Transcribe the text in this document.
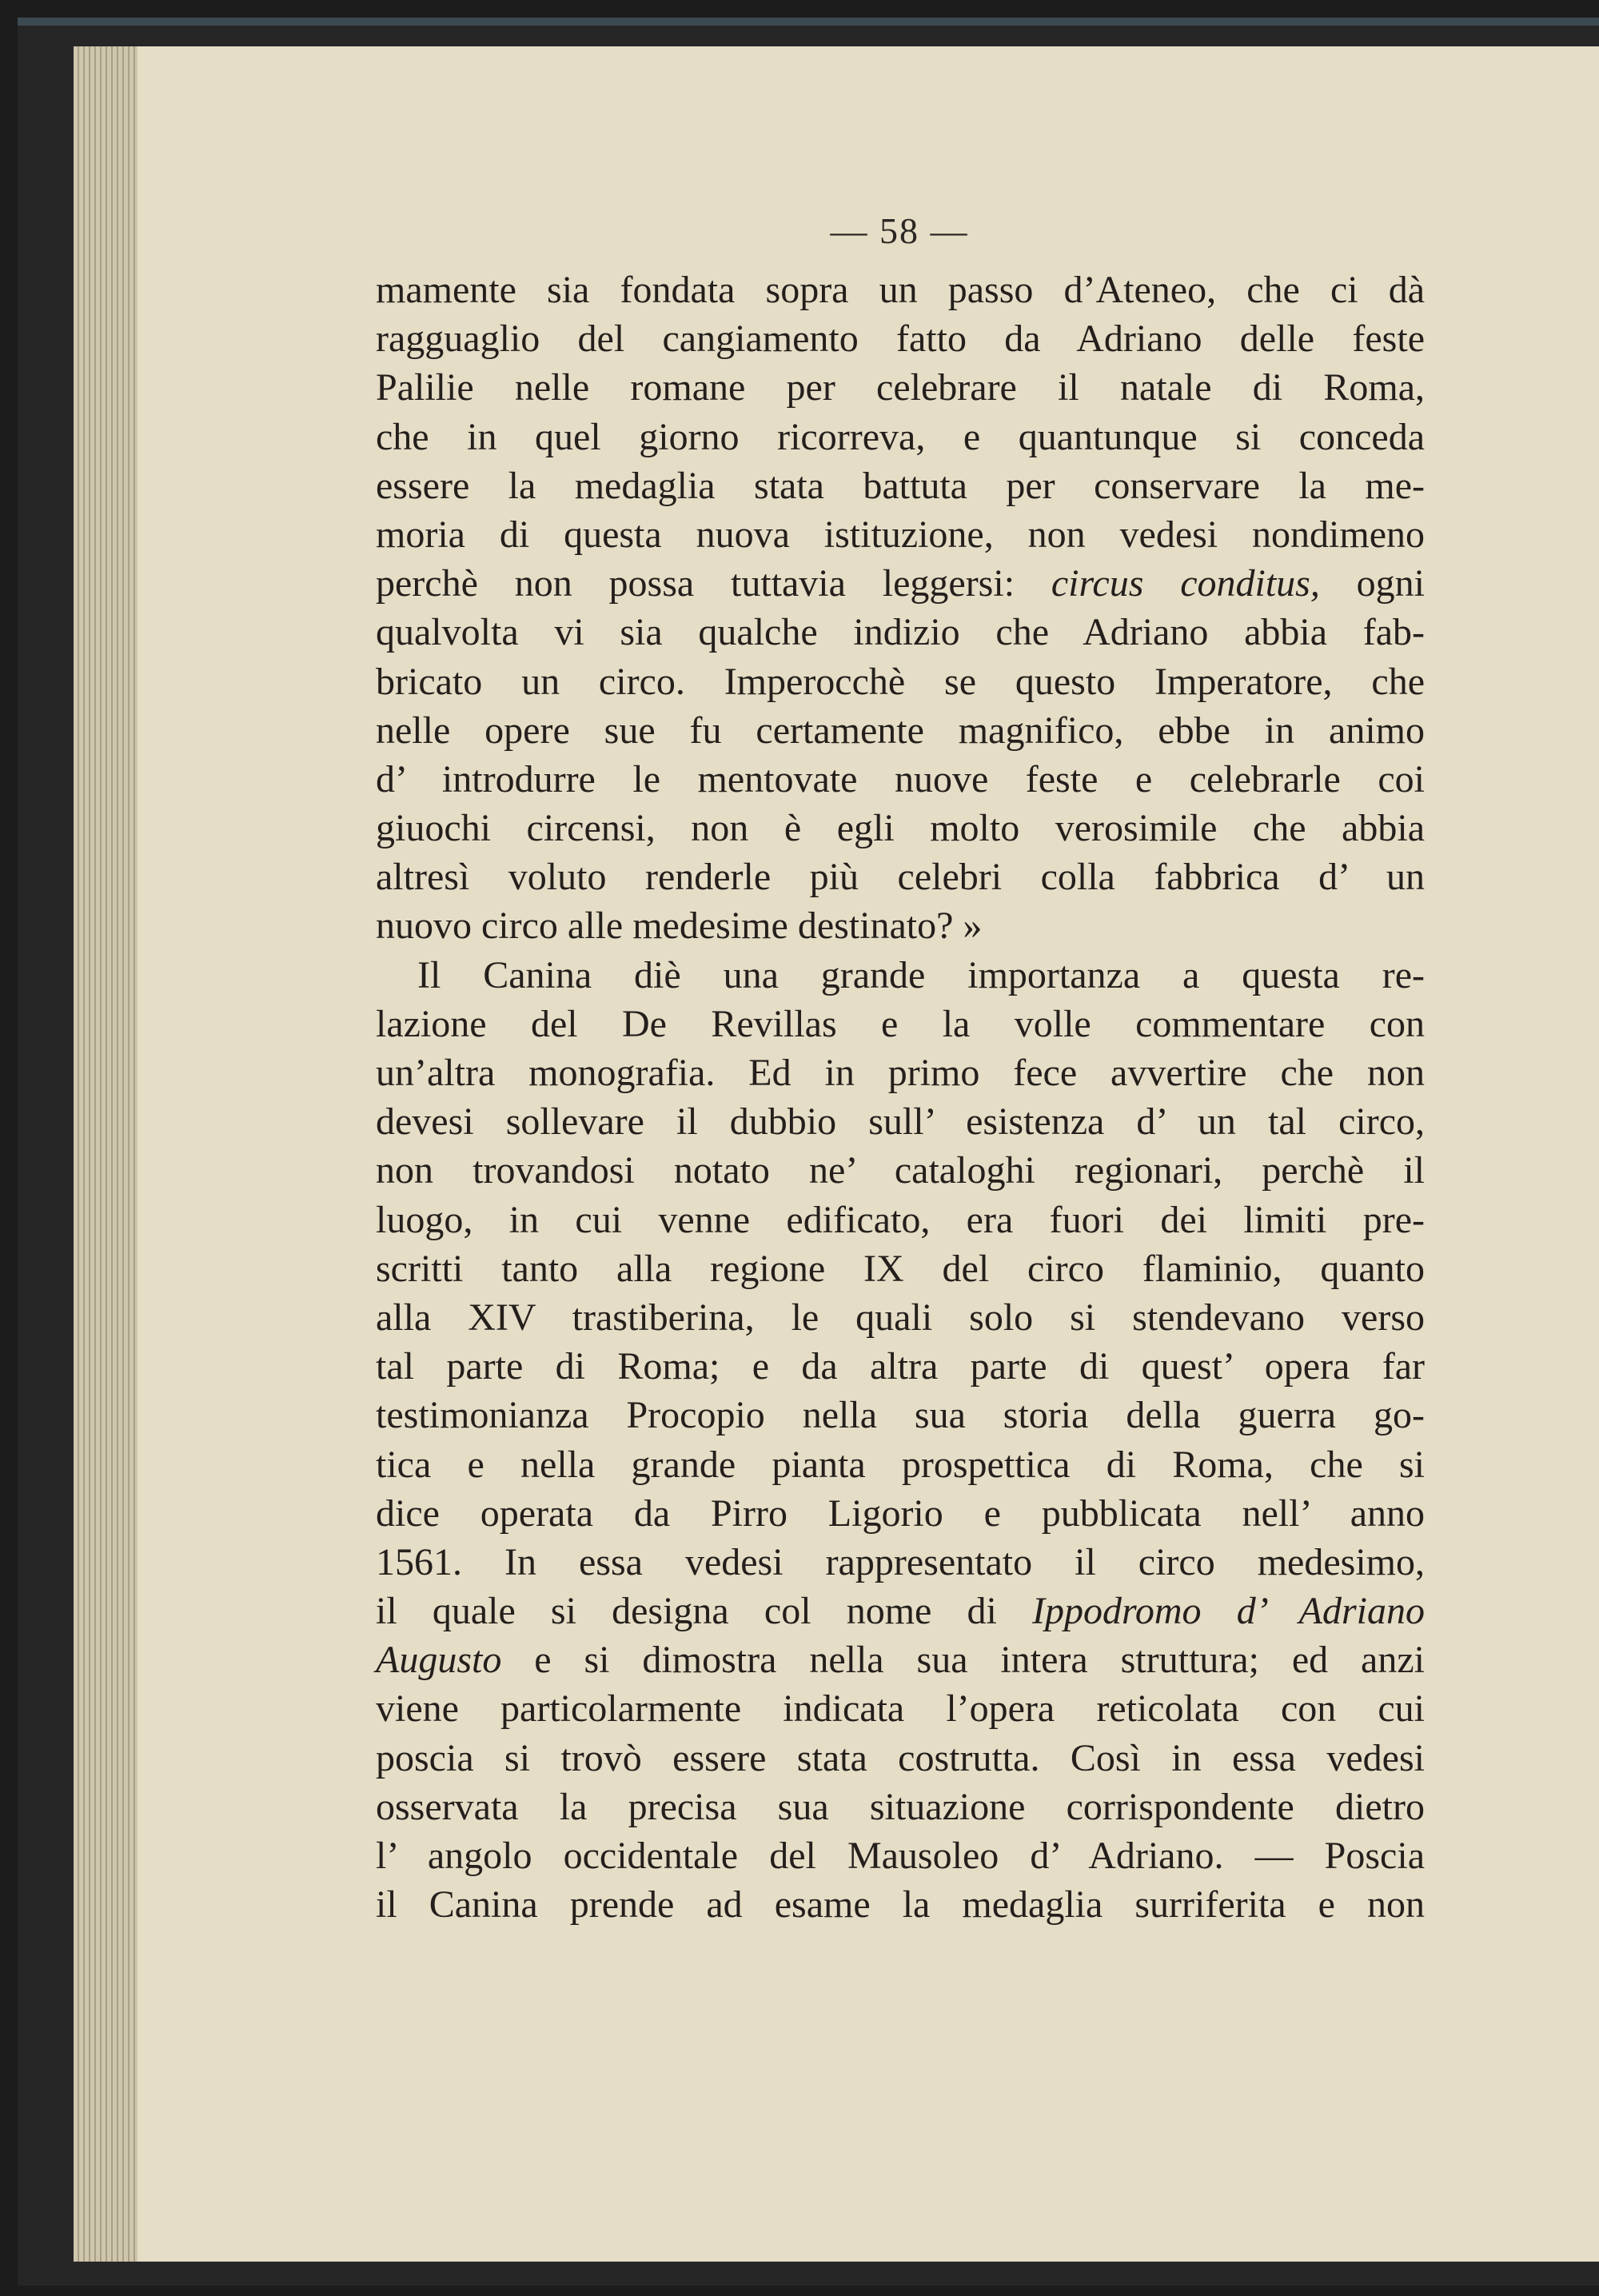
— 58 —
mamente sia fondata sopra un passo d’Ateneo, che ci dà
ragguaglio del cangiamento fatto da Adriano delle feste
Palilie nelle romane per celebrare il natale di Roma,
che in quel giorno ricorreva, e quantunque si conceda
essere la medaglia stata battuta per conservare la me-
moria di questa nuova istituzione, non vedesi nondimeno
perchè non possa tuttavia leggersi: circus conditus, ogni
qualvolta vi sia qualche indizio che Adriano abbia fab-
bricato un circo. Imperocchè se questo Imperatore, che
nelle opere sue fu certamente magnifico, ebbe in animo
d’ introdurre le mentovate nuove feste e celebrarle coi
giuochi circensi, non è egli molto verosimile che abbia
altresì voluto renderle più celebri colla fabbrica d’ un
nuovo circo alle medesime destinato? »
Il Canina diè una grande importanza a questa re-
lazione del De Revillas e la volle commentare con
un’altra monografia. Ed in primo fece avvertire che non
devesi sollevare il dubbio sull’ esistenza d’ un tal circo,
non trovandosi notato ne’ cataloghi regionari, perchè il
luogo, in cui venne edificato, era fuori dei limiti pre-
scritti tanto alla regione IX del circo flaminio, quanto
alla XIV trastiberina, le quali solo si stendevano verso
tal parte di Roma; e da altra parte di quest’ opera far
testimonianza Procopio nella sua storia della guerra go-
tica e nella grande pianta prospettica di Roma, che si
dice operata da Pirro Ligorio e pubblicata nell’ anno
1561. In essa vedesi rappresentato il circo medesimo,
il quale si designa col nome di Ippodromo d’ Adriano
Augusto e si dimostra nella sua intera struttura; ed anzi
viene particolarmente indicata l’opera reticolata con cui
poscia si trovò essere stata costrutta. Così in essa vedesi
osservata la precisa sua situazione corrispondente dietro
l’ angolo occidentale del Mausoleo d’ Adriano. — Poscia
il Canina prende ad esame la medaglia surriferita e non
